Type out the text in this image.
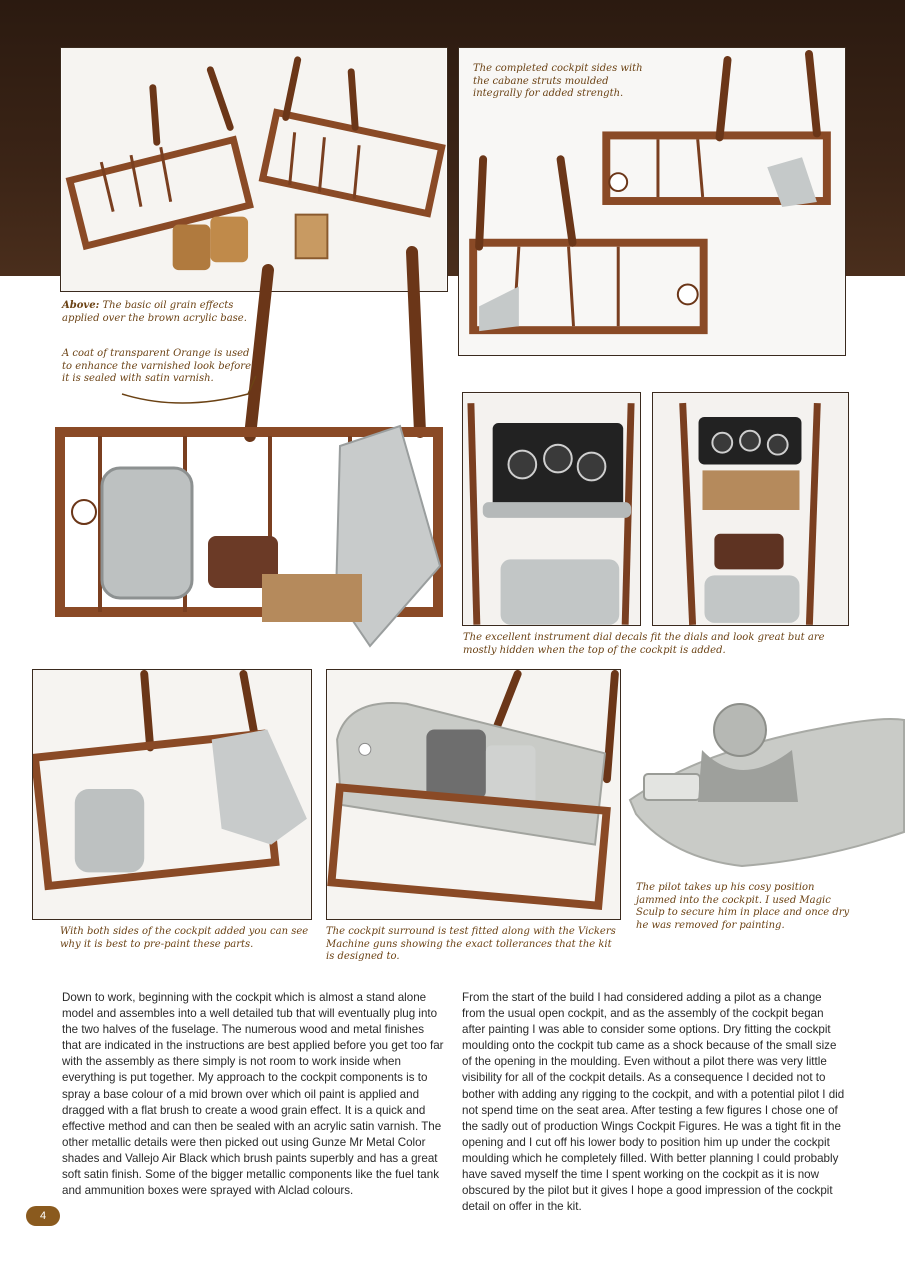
Above: The basic oil grain effects applied over the brown acrylic base.
A coat of transparent Orange is used to enhance the varnished look before it is sealed with satin varnish.
The completed cockpit sides with the cabane struts moulded integrally for added strength.
The excellent instrument dial decals fit the dials and look great but are mostly hidden when the top of the cockpit is added.
With both sides of the cockpit added you can see why it is best to pre-paint these parts.
The cockpit surround is test fitted along with the Vickers Machine guns showing the exact tollerances that the kit is designed to.
The pilot takes up his cosy position jammed into the cockpit. I used Magic Sculp to secure him in place and once dry he was removed for painting.
Down to work, beginning with the cockpit which is almost a stand alone model and assembles into a well detailed tub that will eventually plug into the two halves of the fuselage. The numerous wood and metal finishes that are indicated in the instructions are best applied before you get too far with the assembly as there simply is not room to work inside when everything is put together. My approach to the cockpit components is to spray a base colour of a mid brown over which oil paint is applied and dragged with a flat brush to create a wood grain effect. It is a quick and effective method and can then be sealed with an acrylic satin varnish. The other metallic details were then picked out using Gunze Mr Metal Color shades and Vallejo Air Black which brush paints superbly and has a great soft satin finish. Some of the bigger metallic components like the fuel tank and ammunition boxes were sprayed with Alclad colours.
From the start of the build I had considered adding a pilot as a change from the usual open cockpit, and as the assembly of the cockpit began after painting I was able to consider some options. Dry fitting the cockpit moulding onto the cockpit tub came as a shock because of the small size of the opening in the moulding. Even without a pilot there was very little visibility for all of the cockpit details. As a consequence I decided not to bother with adding any rigging to the cockpit, and with a potential pilot I did not spend time on the seat area. After testing a few figures I chose one of the sadly out of production Wings Cockpit Figures. He was a tight fit in the opening and I cut off his lower body to position him up under the cockpit moulding which he completely filled. With better planning I could probably have saved myself the time I spent working on the cockpit as it is now obscured by the pilot but it gives I hope a good impression of the cockpit detail on offer in the kit.
4
